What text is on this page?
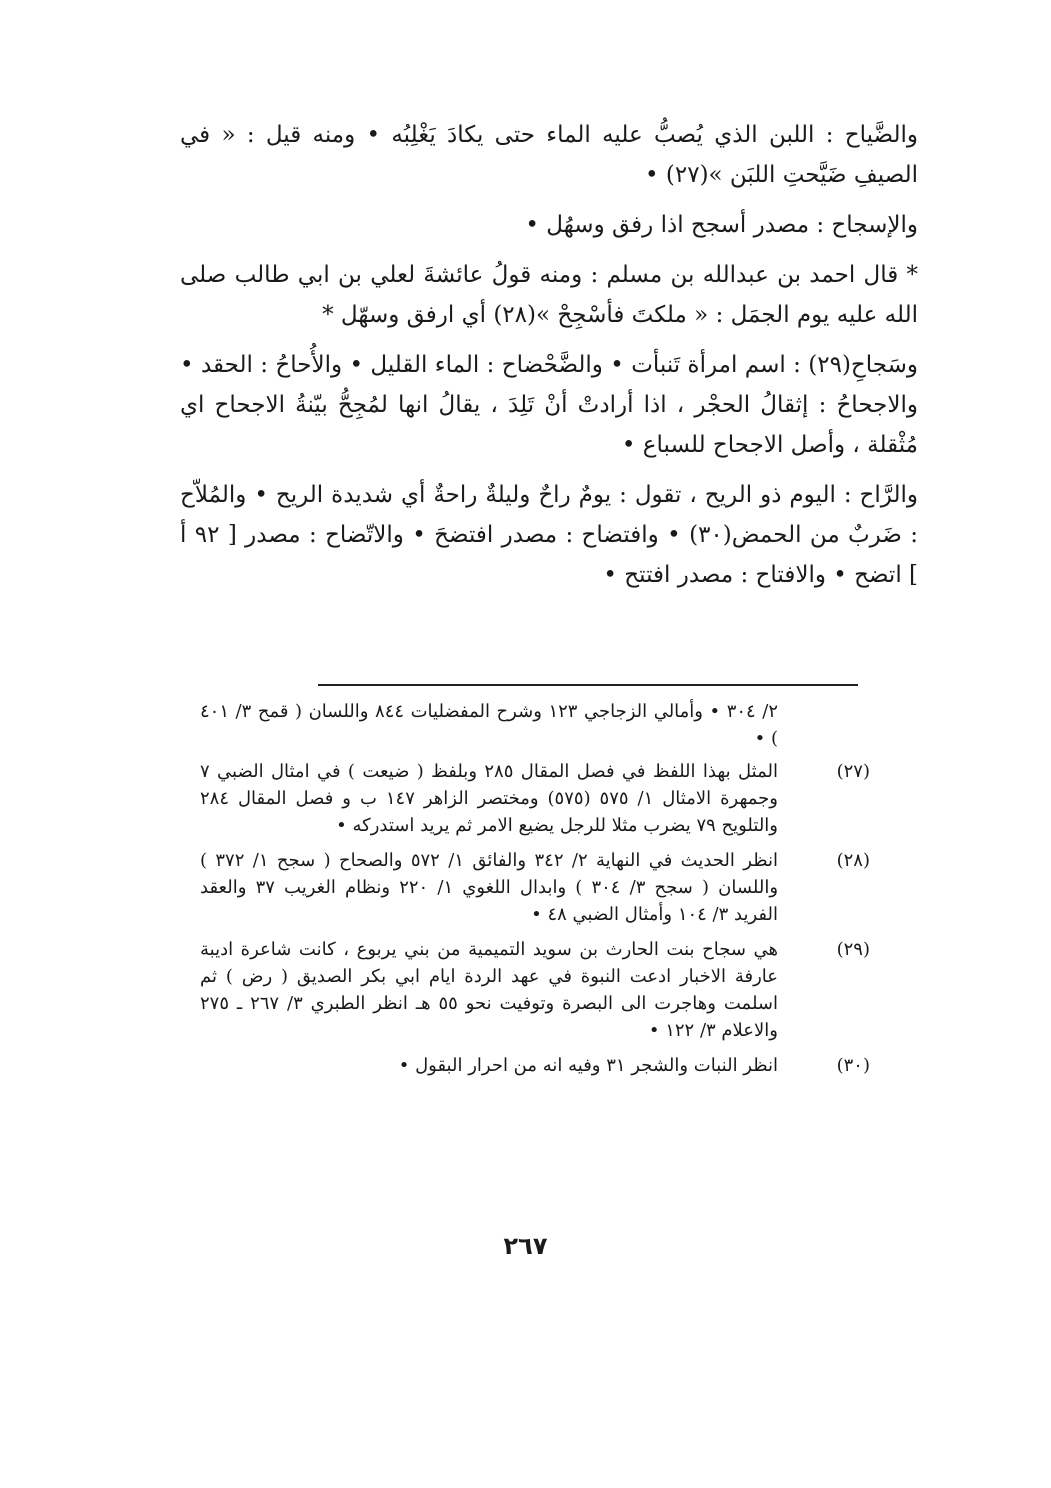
والضَّياح : اللبن الذي يُصبُّ عليه الماء حتى يكادَ يَغْلِبُه • ومنه قيل : « في الصيفِ ضَيَّحتِ اللبَن »(٢٧) •

والإسجاح : مصدر أسجح اذا رفق وسهُل •

* قال احمد بن عبدالله بن مسلم : ومنه قولُ عائشةَ لعلي بن ابي طالب صلى الله عليه يوم الجمَل : « ملكتَ فأسْجِحْ »(٢٨) أي ارفق وسهّل *

وسَجاحِ(٢٩) : اسم امرأة تَنبأت • والضَّحْضاح : الماء القليل • والأُحاحُ : الحقد • والاجحاحُ : إثقالُ الحجْر ، اذا أرادتْ أنْ تَلِدَ ، يقالُ انها لمُجِحُّ بيّنةُ الاجحاح اي مُثْقلة ، وأصل الاجحاح للسباع •

والرَّاح : اليوم ذو الريح ، تقول : يومٌ راحٌ وليلةٌ راحةٌ أي شديدة الريح • والمُلاّح : ضَربٌ من الحمض(٣٠) • وافتضاح : مصدر افتضحَ • والاتّضاح : مصدر [ ٩٢ أ ] اتضح • والافتاح : مصدر افتتح •

٢/ ٣٠٤ • وأمالي الزجاجي ١٢٣ وشرح المفضليات ٨٤٤ واللسان ( قمح ٣/ ٤٠١ ) •

(٢٧)
المثل بهذا اللفظ في فصل المقال ٢٨٥ وبلفظ ( ضيعت ) في امثال الضبي ٧ وجمهرة الامثال ١/ ٥٧٥ (٥٧٥) ومختصر الزاهر ١٤٧ ب و فصل المقال ٢٨٤ والتلويح ٧٩ يضرب مثلا للرجل يضيع الامر ثم يريد استدركه •
(٢٨)
انظر الحديث في النهاية ٢/ ٣٤٢ والفائق ١/ ٥٧٢ والصحاح ( سجح ١/ ٣٧٢ ) واللسان ( سجح ٣/ ٣٠٤ ) وابدال اللغوي ١/ ٢٢٠ ونظام الغريب ٣٧ والعقد الفريد ٣/ ١٠٤ وأمثال الضبي ٤٨ •
(٢٩)
هي سجاح بنت الحارث بن سويد التميمية من بني يربوع ، كانت شاعرة اديبة عارفة الاخبار ادعت النبوة في عهد الردة ايام ابي بكر الصديق ( رض ) ثم اسلمت وهاجرت الى البصرة وتوفيت نحو ٥٥ هـ انظر الطبري ٣/ ٢٦٧ ـ ٢٧٥ والاعلام ٣/ ١٢٢ •
(٣٠)
انظر النبات والشجر ٣١ وفيه انه من احرار البقول •
٢٦٧
